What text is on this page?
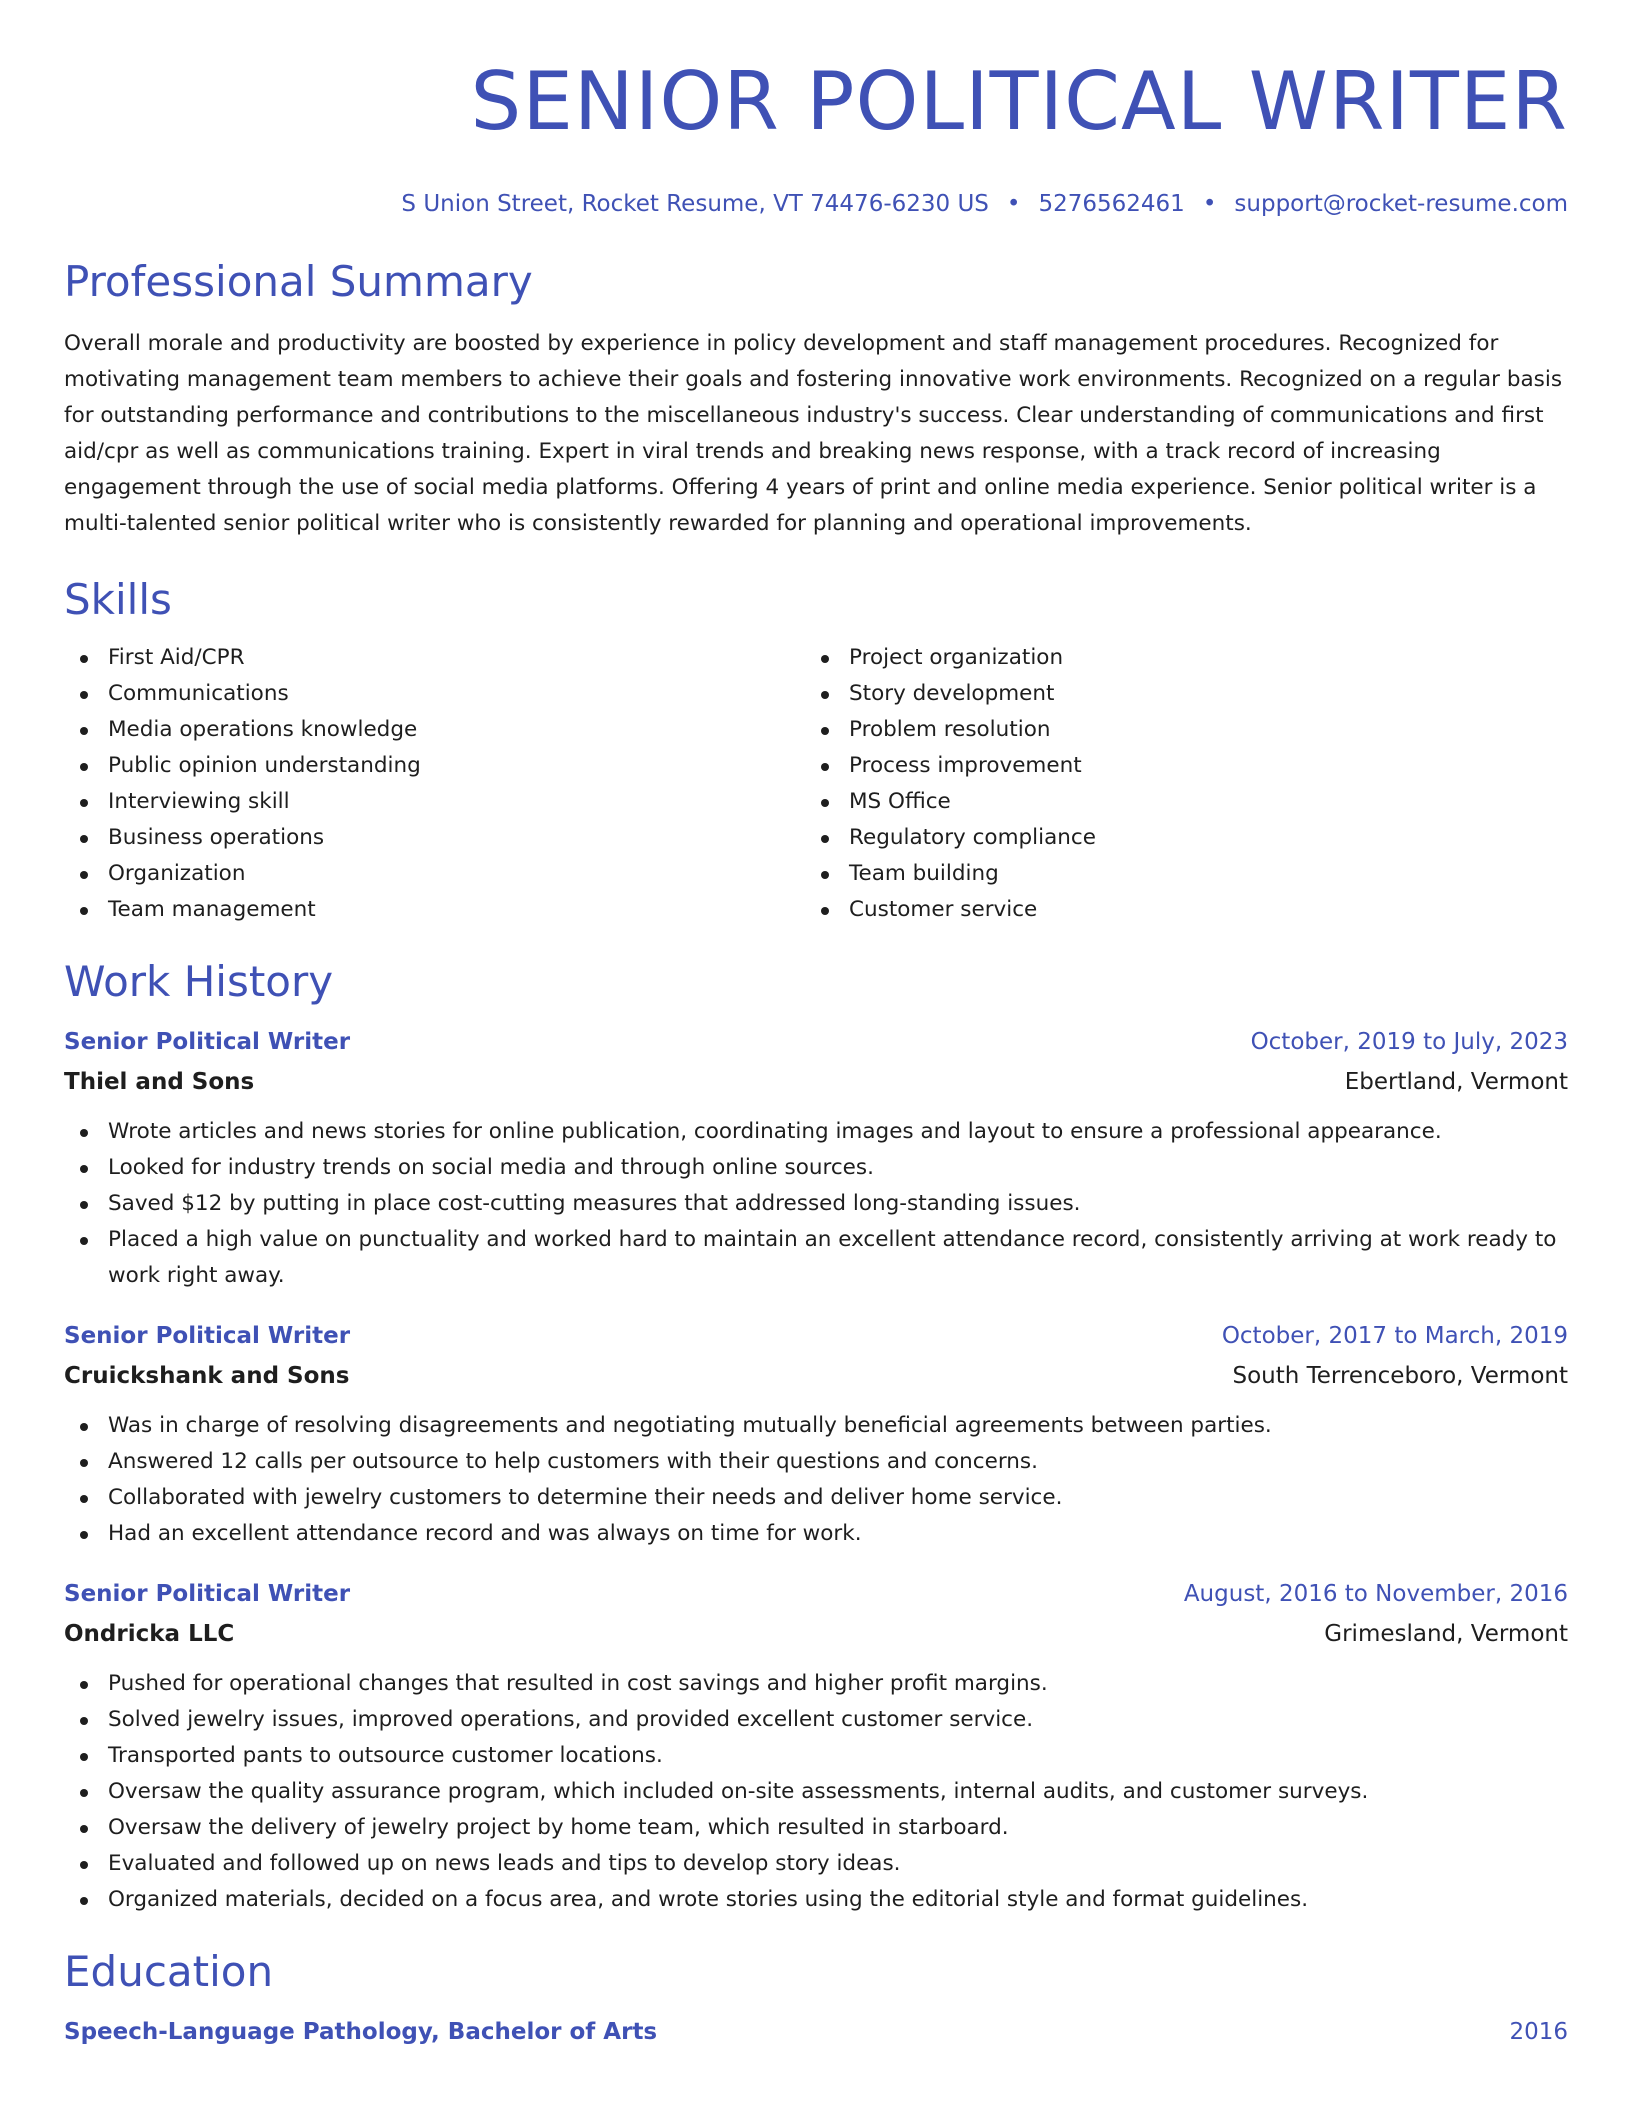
SENIOR POLITICAL WRITER
S Union Street, Rocket Resume, VT 74476-6230 US • 5276562461 • support@rocket-resume.com
Professional Summary

Overall morale and productivity are boosted by experience in policy development and staff management procedures. Recognized for motivating management team members to achieve their goals and fostering innovative work environments. Recognized on a regular basis for outstanding performance and contributions to the miscellaneous industry's success. Clear understanding of communications and first aid/cpr as well as communications training. Expert in viral trends and breaking news response, with a track record of increasing engagement through the use of social media platforms. Offering 4 years of print and online media experience. Senior political writer is a multi-talented senior political writer who is consistently rewarded for planning and operational improvements.

Skills
First Aid/CPR
Communications
Media operations knowledge
Public opinion understanding
Interviewing skill
Business operations
Organization
Team management
Project organization
Story development
Problem resolution
Process improvement
MS Office
Regulatory compliance
Team building
Customer service
Work History
Senior Political Writer	October, 2019 to July, 2023
Thiel and Sons	Ebertland, Vermont
Wrote articles and news stories for online publication, coordinating images and layout to ensure a professional appearance.
Looked for industry trends on social media and through online sources.
Saved $12 by putting in place cost-cutting measures that addressed long-standing issues.
Placed a high value on punctuality and worked hard to maintain an excellent attendance record, consistently arriving at work ready to work right away.
Senior Political Writer	October, 2017 to March, 2019
Cruickshank and Sons	South Terrenceboro, Vermont
Was in charge of resolving disagreements and negotiating mutually beneficial agreements between parties.
Answered 12 calls per outsource to help customers with their questions and concerns.
Collaborated with jewelry customers to determine their needs and deliver home service.
Had an excellent attendance record and was always on time for work.
Senior Political Writer	August, 2016 to November, 2016
Ondricka LLC	Grimesland, Vermont
Pushed for operational changes that resulted in cost savings and higher profit margins.
Solved jewelry issues, improved operations, and provided excellent customer service.
Transported pants to outsource customer locations.
Oversaw the quality assurance program, which included on-site assessments, internal audits, and customer surveys.
Oversaw the delivery of jewelry project by home team, which resulted in starboard.
Evaluated and followed up on news leads and tips to develop story ideas.
Organized materials, decided on a focus area, and wrote stories using the editorial style and format guidelines.
Education
Speech-Language Pathology, Bachelor of Arts	2016
